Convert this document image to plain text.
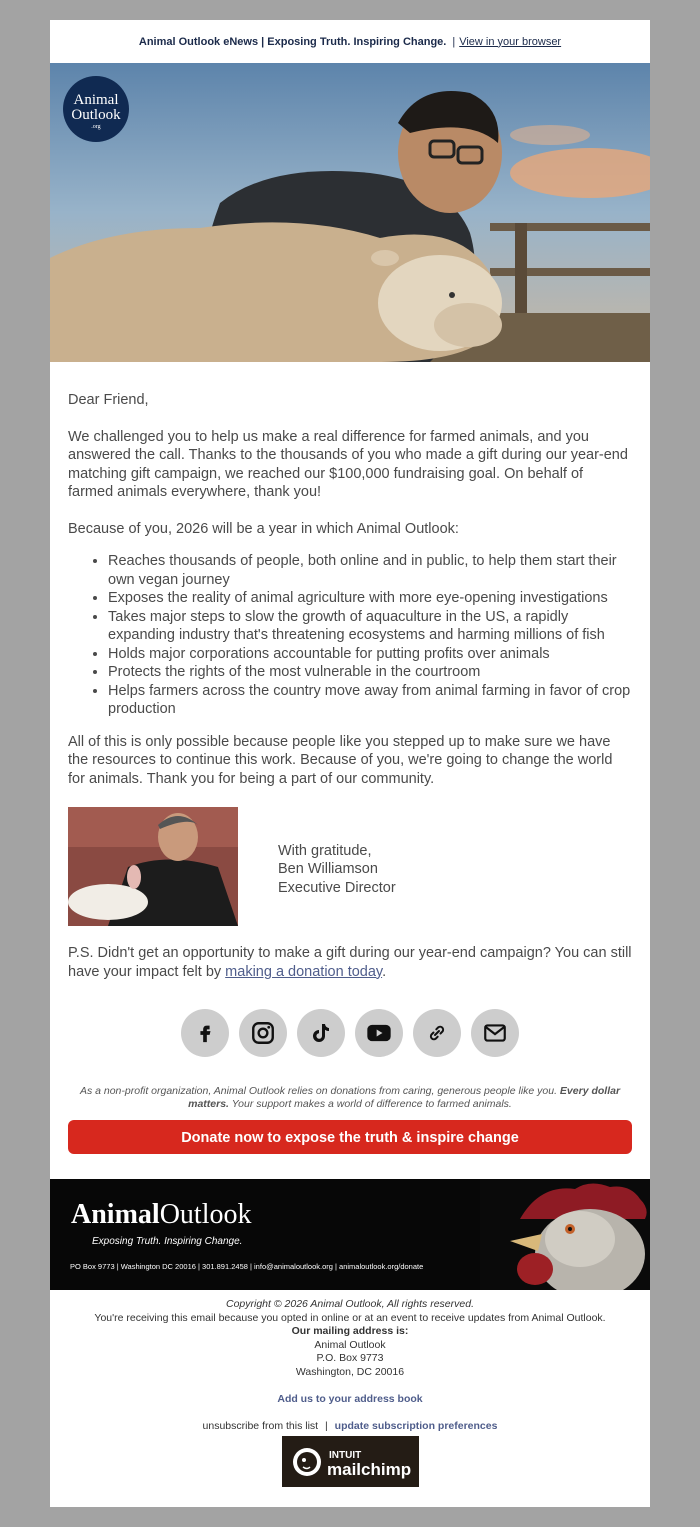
Animal Outlook eNews | Exposing Truth. Inspiring Change. | View in your browser
Animal
Outlook
.org

Dear Friend,

We challenged you to help us make a real difference for farmed animals, and you answered the call. Thanks to the thousands of you who made a gift during our year-end matching gift campaign, we reached our $100,000 fundraising goal. On behalf of farmed animals everywhere, thank you!

Because of you, 2026 will be a year in which Animal Outlook:

• Reaches thousands of people, both online and in public, to help them start their own vegan journey
• Exposes the reality of animal agriculture with more eye-opening investigations
• Takes major steps to slow the growth of aquaculture in the US, a rapidly expanding industry that's threatening ecosystems and harming millions of fish
• Holds major corporations accountable for putting profits over animals
• Protects the rights of the most vulnerable in the courtroom
• Helps farmers across the country move away from animal farming in favor of crop production

All of this is only possible because people like you stepped up to make sure we have the resources to continue this work. Because of you, we're going to change the world for animals. Thank you for being a part of our community.

With gratitude,
Ben Williamson
Executive Director

P.S. Didn't get an opportunity to make a gift during our year-end campaign? You can still have your impact felt by making a donation today.

As a non-profit organization, Animal Outlook relies on donations from caring, generous people like you. Every dollar matters. Your support makes a world of difference to farmed animals.
Donate now to expose the truth & inspire change
AnimalOutlook
Exposing Truth. Inspiring Change.
PO Box 9773 | Washington DC 20016 | 301.891.2458 | info@animaloutlook.org | animaloutlook.org/donate
Copyright © 2026 Animal Outlook, All rights reserved.
You're receiving this email because you opted in online or at an event to receive updates from Animal Outlook.
Our mailing address is:
Animal Outlook
P.O. Box 9773
Washington, DC 20016
Add us to your address book
unsubscribe from this list | update subscription preferences
INTUIT
mailchimp
